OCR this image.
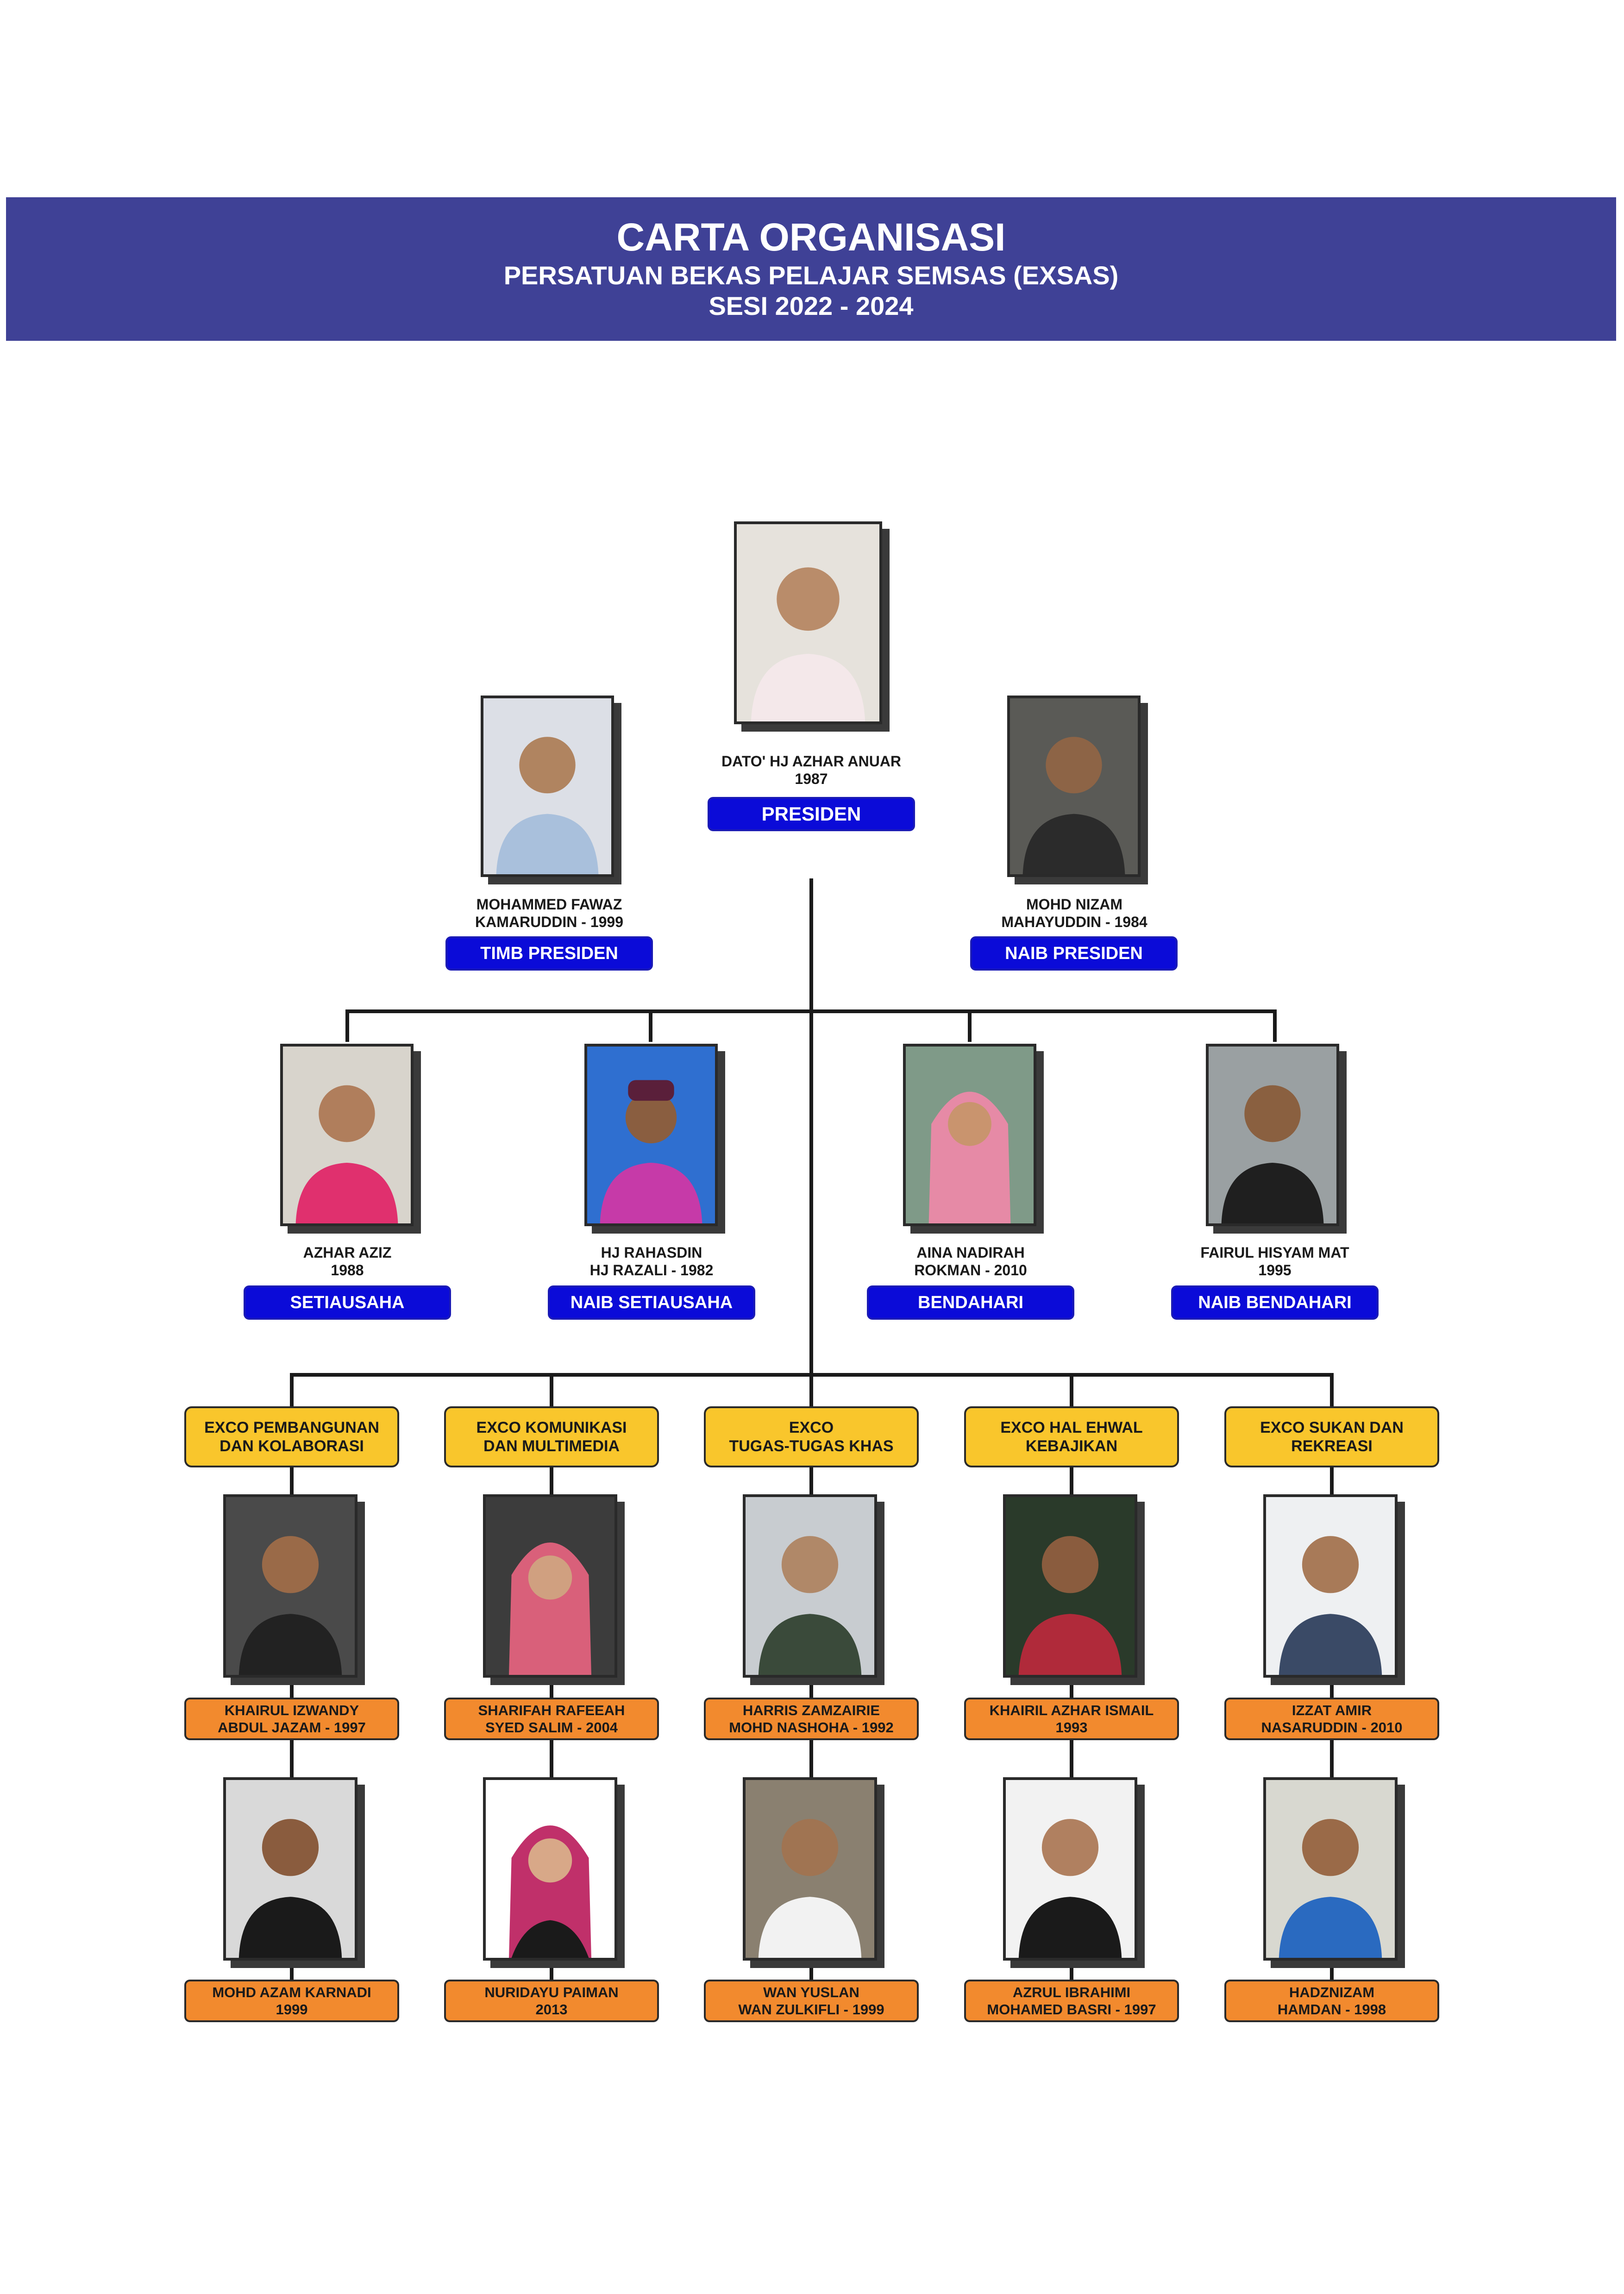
CARTA ORGANISASI
PERSATUAN BEKAS PELAJAR SEMSAS (EXSAS)
SESI 2022 - 2024
DATO' HJ AZHAR ANUAR
1987
PRESIDEN
MOHAMMED FAWAZ
KAMARUDDIN - 1999
TIMB PRESIDEN
MOHD NIZAM
MAHAYUDDIN - 1984
NAIB PRESIDEN
AZHAR AZIZ
1988
SETIAUSAHA
HJ RAHASDIN
HJ RAZALI - 1982
NAIB SETIAUSAHA
AINA NADIRAH
ROKMAN - 2010
BENDAHARI
FAIRUL HISYAM MAT
1995
NAIB BENDAHARI
EXCO PEMBANGUNAN
DAN KOLABORASI
KHAIRUL IZWANDY
ABDUL JAZAM - 1997
MOHD AZAM KARNADI
1999
EXCO KOMUNIKASI
DAN MULTIMEDIA
SHARIFAH RAFEEAH
SYED SALIM - 2004
NURIDAYU PAIMAN
2013
EXCO
TUGAS-TUGAS KHAS
HARRIS ZAMZAIRIE
MOHD NASHOHA - 1992
WAN YUSLAN
WAN ZULKIFLI - 1999
EXCO HAL EHWAL
KEBAJIKAN
KHAIRIL AZHAR ISMAIL
1993
AZRUL IBRAHIMI
MOHAMED BASRI - 1997
EXCO SUKAN DAN
REKREASI
IZZAT AMIR
NASARUDDIN - 2010
HADZNIZAM
HAMDAN - 1998
